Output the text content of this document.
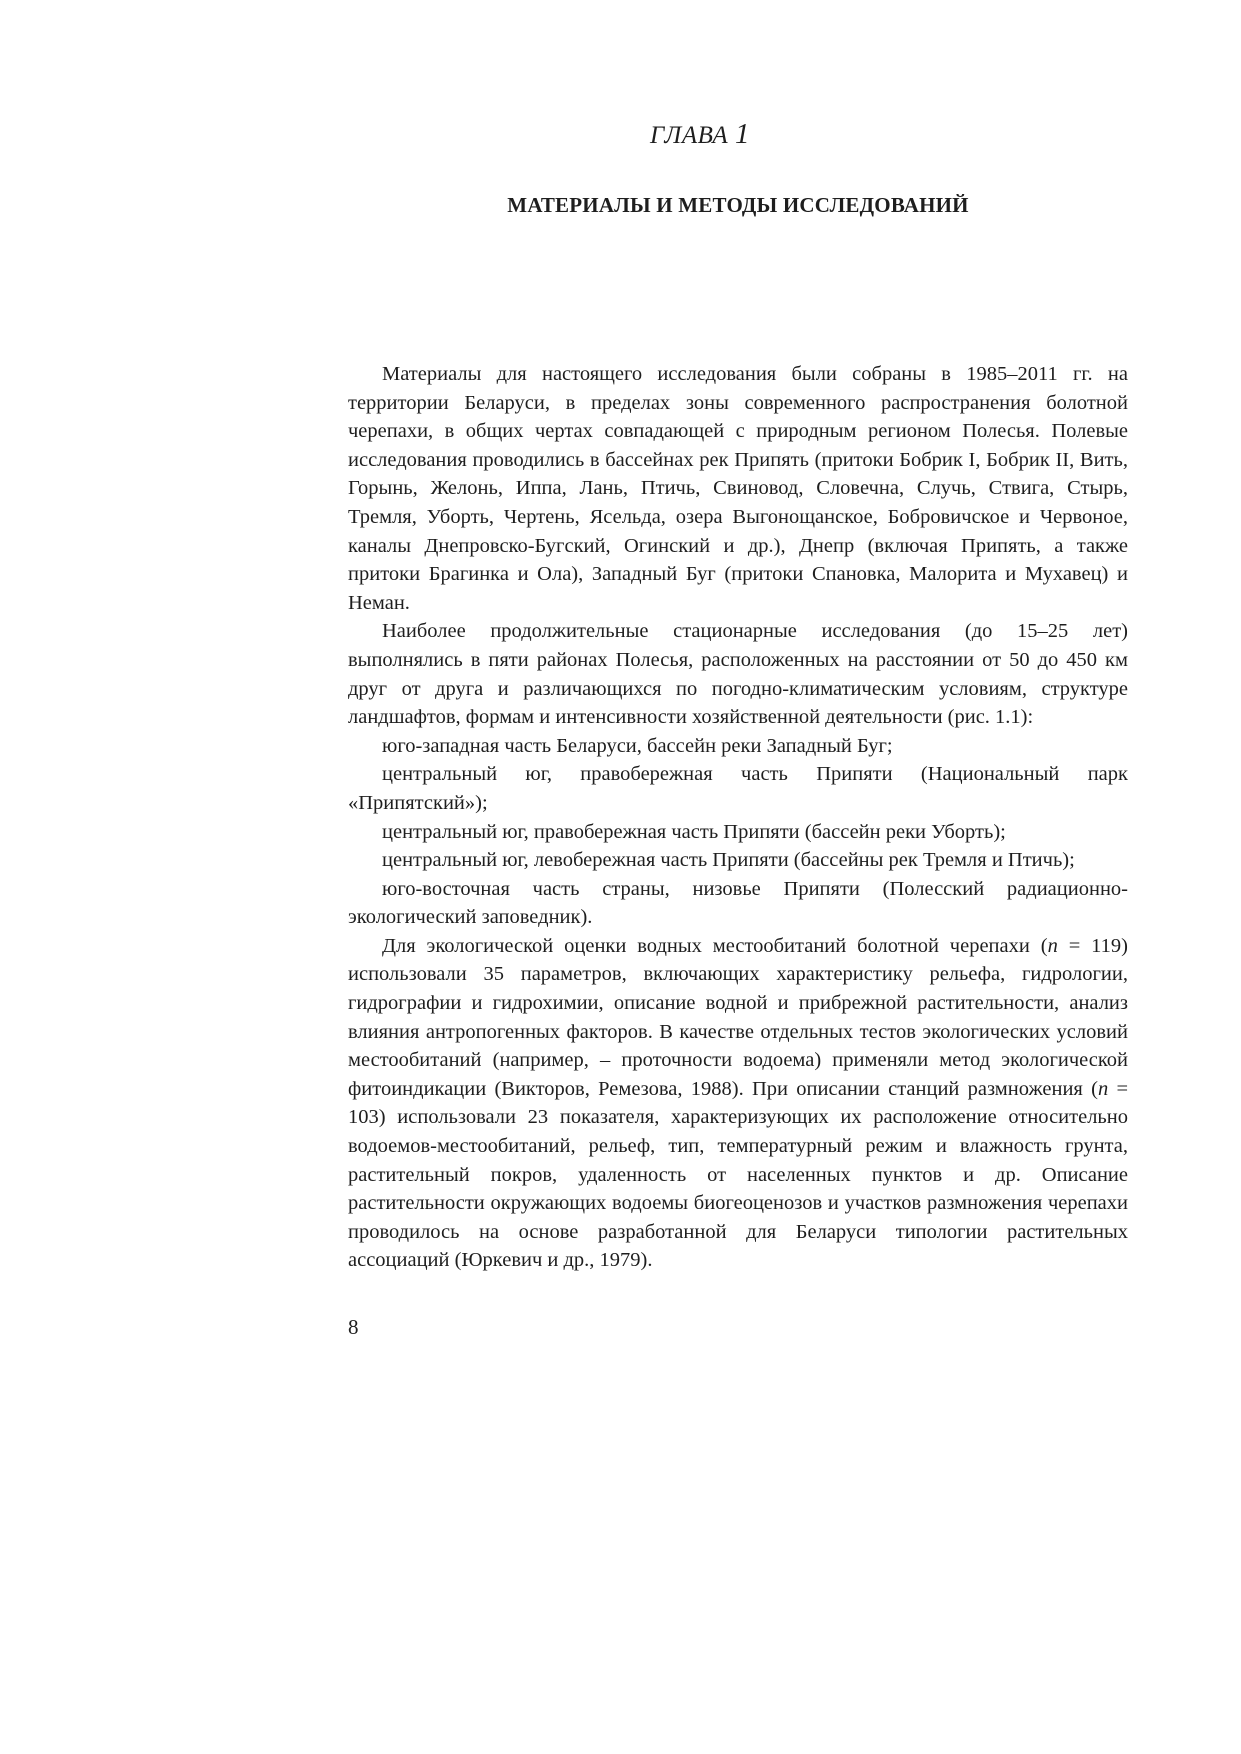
ГЛАВА 1
МАТЕРИАЛЫ И МЕТОДЫ ИССЛЕДОВАНИЙ

Материалы для настоящего исследования были собраны в 1985–2011 гг. на территории Беларуси, в пределах зоны современного распространения болотной черепахи, в общих чертах совпадающей с природным регионом Полесья. Полевые исследования проводились в бассейнах рек Припять (притоки Бобрик I, Бобрик II, Вить, Горынь, Желонь, Иппа, Лань, Птичь, Свиновод, Словечна, Случь, Ствига, Стырь, Тремля, Уборть, Чертень, Ясельда, озера Выгонощанское, Бобровичское и Червоное, каналы Днепровско-Бугский, Огинский и др.), Днепр (включая Припять, а также притоки Брагинка и Ола), Западный Буг (притоки Спановка, Малорита и Мухавец) и Неман.

Наиболее продолжительные стационарные исследования (до 15–25 лет) выполнялись в пяти районах Полесья, расположенных на расстоянии от 50 до 450 км друг от друга и различающихся по погодно-климатическим условиям, структуре ландшафтов, формам и интенсивности хозяйственной деятельности (рис. 1.1):

юго-западная часть Беларуси, бассейн реки Западный Буг;

центральный юг, правобережная часть Припяти (Национальный парк «Припятский»);

центральный юг, правобережная часть Припяти (бассейн реки Уборть);

центральный юг, левобережная часть Припяти (бассейны рек Тремля и Птичь);

юго-восточная часть страны, низовье Припяти (Полесский радиационно-экологический заповедник).

Для экологической оценки водных местообитаний болотной черепахи (n = 119) использовали 35 параметров, включающих характеристику рельефа, гидрологии, гидрографии и гидрохимии, описание водной и прибрежной растительности, анализ влияния антропогенных факторов. В качестве отдельных тестов экологических условий местообитаний (например, – проточности водоема) применяли метод экологической фитоиндикации (Викторов, Ремезова, 1988). При описании станций размножения (n = 103) использовали 23 показателя, характеризующих их расположение относительно водоемов-местообитаний, рельеф, тип, температурный режим и влажность грунта, растительный покров, удаленность от населенных пунктов и др. Описание растительности окружающих водоемы биогеоценозов и участков размножения черепахи проводилось на основе разработанной для Беларуси типологии растительных ассоциаций (Юркевич и др., 1979).

8
